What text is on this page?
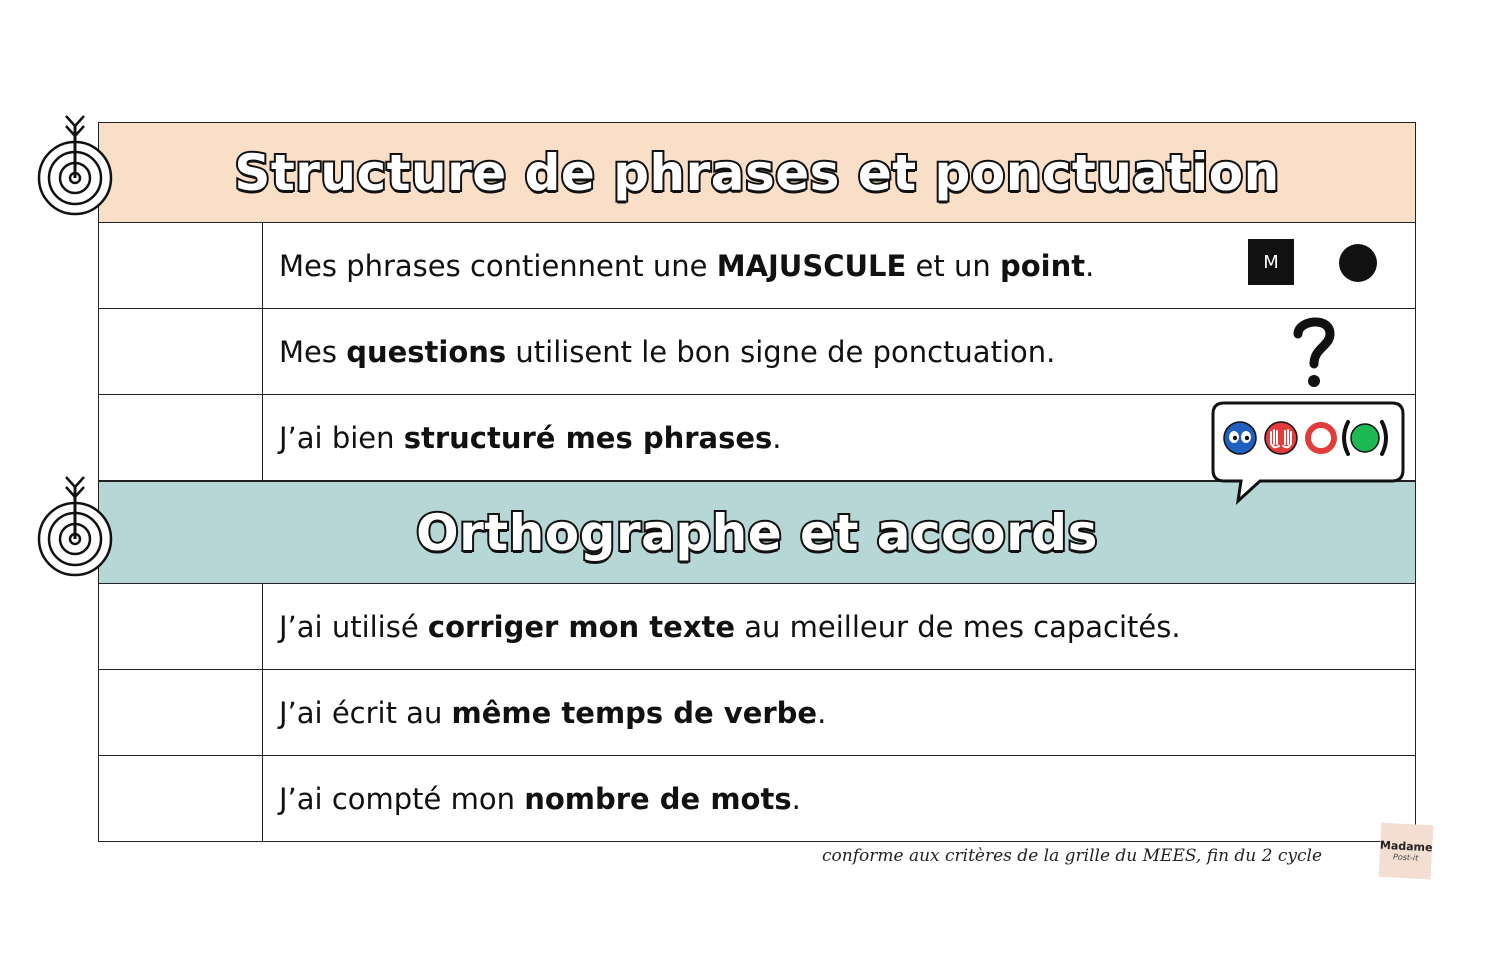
Structure de phrases et ponctuation
Mes phrases contiennent une MAJUSCULE et un point .
Mes questions utilisent le bon signe de ponctuation.
J’ai bien structuré mes phrases .
Orthographe et accords
J’ai utilisé corriger mon texte au meilleur de mes capacités.
J’ai écrit au même temps de verbe .
J’ai compté mon nombre de mots .
M
conforme aux critères de la grille du MEES, fin du 2 cycle	Madame
Post-it
